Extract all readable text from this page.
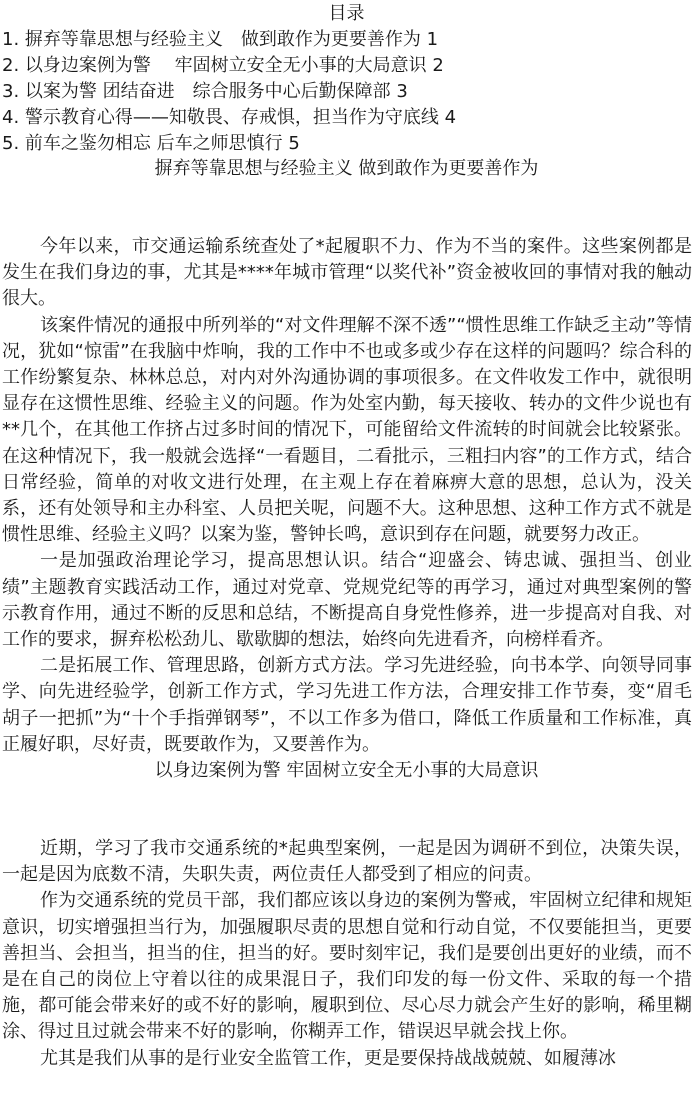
目录
1. 摒弃等靠思想与经验主义　做到敢作为更要善作为 1
2. 以身边案例为警　 牢固树立安全无小事的大局意识 2
3. 以案为警 团结奋进　综合服务中心后勤保障部 3
4. 警示教育心得——知敬畏、存戒惧，担当作为守底线 4
5. 前车之鉴勿相忘 后车之师思慎行 5
摒弃等靠思想与经验主义 做到敢作为更要善作为

今年以来，市交通运输系统查处了*起履职不力、作为不当的案件。这些案例都是发生在我们身边的事，尤其是****年城市管理“以奖代补”资金被收回的事情对我的触动很大。

该案件情况的通报中所列举的“对文件理解不深不透”“惯性思维工作缺乏主动”等情况，犹如“惊雷”在我脑中炸响，我的工作中不也或多或少存在这样的问题吗？综合科的工作纷繁复杂、林林总总，对内对外沟通协调的事项很多。在文件收发工作中，就很明显存在这惯性思维、经验主义的问题。作为处室内勤，每天接收、转办的文件少说也有**几个，在其他工作挤占过多时间的情况下，可能留给文件流转的时间就会比较紧张。在这种情况下，我一般就会选择“一看题目，二看批示，三粗扫内容”的工作方式，结合日常经验，简单的对收文进行处理，在主观上存在着麻痹大意的思想，总认为，没关系，还有处领导和主办科室、人员把关呢，问题不大。这种思想、这种工作方式不就是惯性思维、经验主义吗？以案为鉴，警钟长鸣，意识到存在问题，就要努力改正。

一是加强政治理论学习，提高思想认识。结合“迎盛会、铸忠诚、强担当、创业绩”主题教育实践活动工作，通过对党章、党规党纪等的再学习，通过对典型案例的警示教育作用，通过不断的反思和总结，不断提高自身党性修养，进一步提高对自我、对工作的要求，摒弃松松劲儿、歇歇脚的想法，始终向先进看齐，向榜样看齐。

二是拓展工作、管理思路，创新方式方法。学习先进经验，向书本学、向领导同事学、向先进经验学，创新工作方式，学习先进工作方法，合理安排工作节奏，变“眉毛胡子一把抓”为“十个手指弹钢琴”，不以工作多为借口，降低工作质量和工作标准，真正履好职，尽好责，既要敢作为，又要善作为。

以身边案例为警 牢固树立安全无小事的大局意识

近期，学习了我市交通系统的*起典型案例，一起是因为调研不到位，决策失误，一起是因为底数不清，失职失责，两位责任人都受到了相应的问责。

作为交通系统的党员干部，我们都应该以身边的案例为警戒，牢固树立纪律和规矩意识，切实增强担当行为，加强履职尽责的思想自觉和行动自觉，不仅要能担当，更要善担当、会担当，担当的住，担当的好。要时刻牢记，我们是要创出更好的业绩，而不是在自己的岗位上守着以往的成果混日子，我们印发的每一份文件、采取的每一个措施，都可能会带来好的或不好的影响，履职到位、尽心尽力就会产生好的影响，稀里糊涂、得过且过就会带来不好的影响，你糊弄工作，错误迟早就会找上你。

尤其是我们从事的是行业安全监管工作，更是要保持战战兢兢、如履薄冰
